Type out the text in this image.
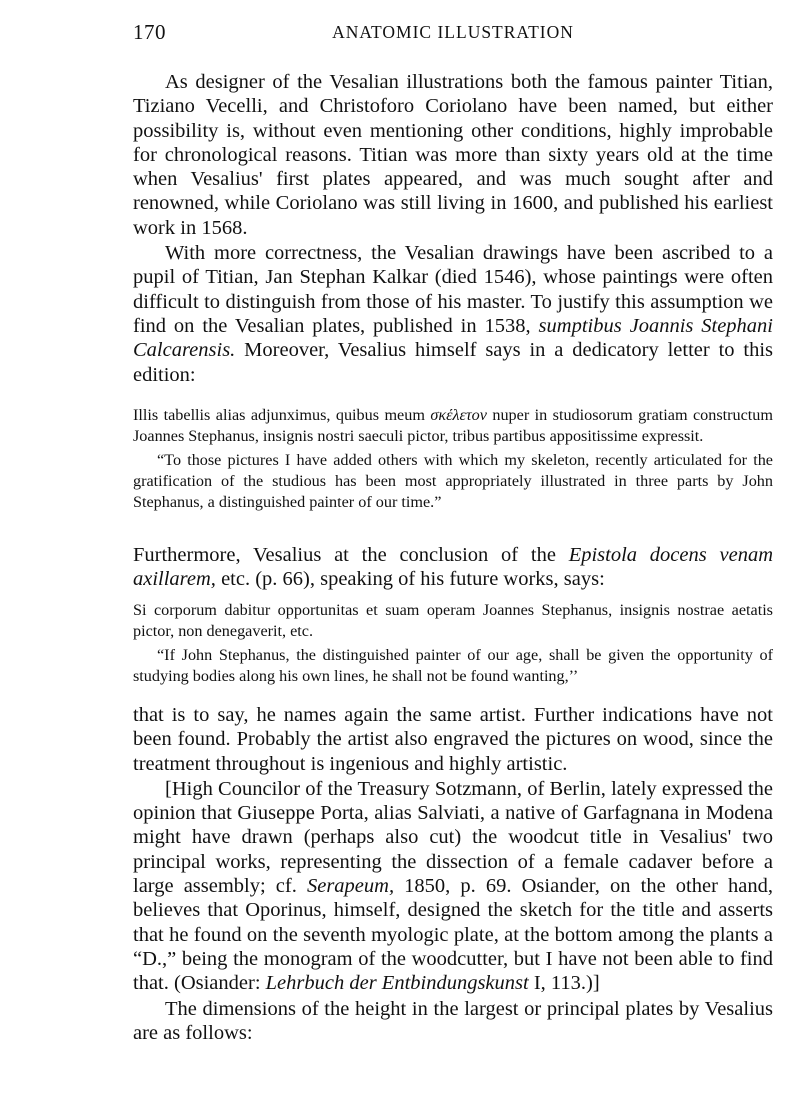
170	ANATOMIC ILLUSTRATION

As designer of the Vesalian illustrations both the famous painter Titian, Tiziano Vecelli, and Christoforo Coriolano have been named, but either possibility is, without even mentioning other conditions, highly improbable for chronological reasons. Titian was more than sixty years old at the time when Vesalius' first plates appeared, and was much sought after and renowned, while Coriolano was still living in 1600, and published his earliest work in 1568.

With more correctness, the Vesalian drawings have been ascribed to a pupil of Titian, Jan Stephan Kalkar (died 1546), whose paintings were often difficult to distinguish from those of his master. To justify this assumption we find on the Vesalian plates, published in 1538, sumptibus Joannis Stephani Calcarensis. Moreover, Vesalius himself says in a dedicatory letter to this edition:

Illis tabellis alias adjunximus, quibus meum σκέλετον nuper in studiosorum gratiam constructum Joannes Stephanus, insignis nostri saeculi pictor, tribus partibus appositissime expressit.

“To those pictures I have added others with which my skeleton, recently articulated for the gratification of the studious has been most appropriately illustrated in three parts by John Stephanus, a distinguished painter of our time.”

Furthermore, Vesalius at the conclusion of the Epistola docens venam axillarem, etc. (p. 66), speaking of his future works, says:

Si corporum dabitur opportunitas et suam operam Joannes Stephanus, insignis nostrae aetatis pictor, non denegaverit, etc.

“If John Stephanus, the distinguished painter of our age, shall be given the opportunity of studying bodies along his own lines, he shall not be found wanting,’’

that is to say, he names again the same artist. Further indications have not been found. Probably the artist also engraved the pictures on wood, since the treatment throughout is ingenious and highly artistic.

[High Councilor of the Treasury Sotzmann, of Berlin, lately expressed the opinion that Giuseppe Porta, alias Salviati, a native of Garfagnana in Modena might have drawn (perhaps also cut) the woodcut title in Vesalius' two principal works, representing the dissection of a female cadaver before a large assembly; cf. Serapeum, 1850, p. 69. Osiander, on the other hand, believes that Oporinus, himself, designed the sketch for the title and asserts that he found on the seventh myologic plate, at the bottom among the plants a “D.,” being the monogram of the woodcutter, but I have not been able to find that. (Osiander: Lehrbuch der Entbindungskunst I, 113.)]

The dimensions of the height in the largest or principal plates by Vesalius are as follows:
